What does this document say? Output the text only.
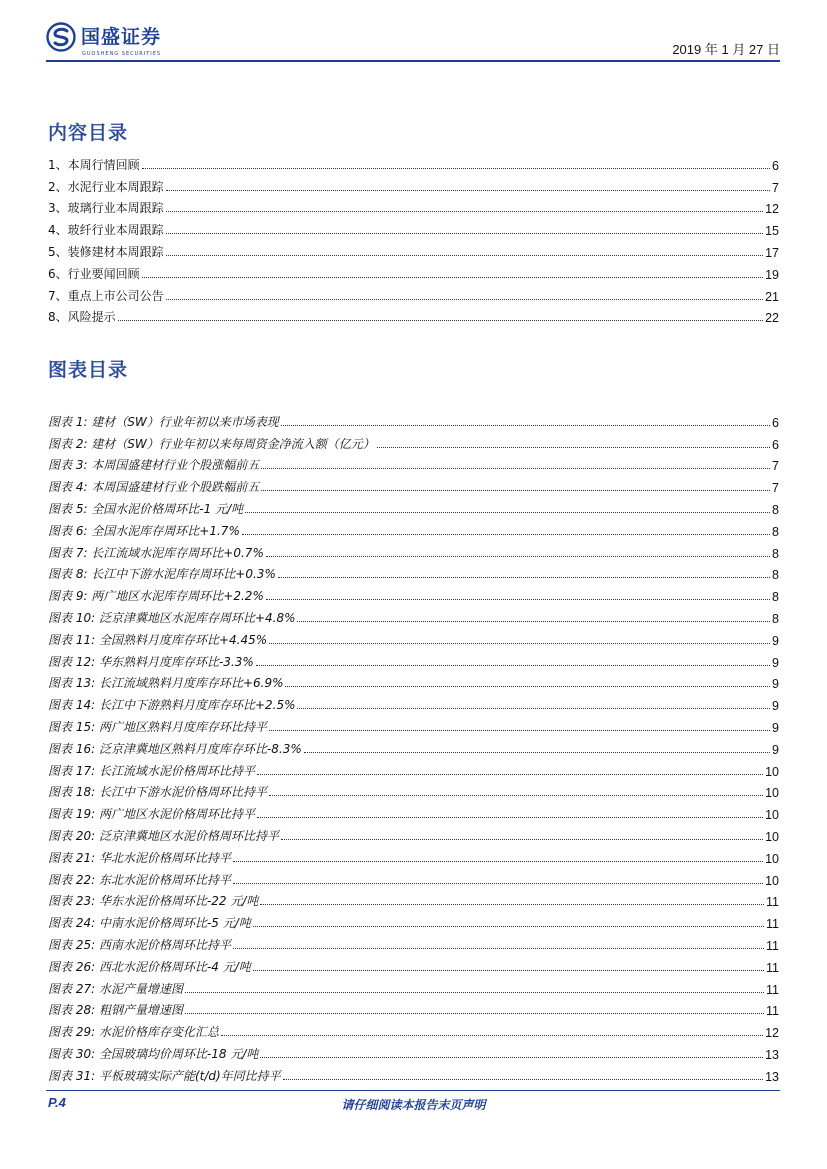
国盛证券
GUOSHENG SECURITIES	2019 年 1 月 27 日
内容目录
1、本周行情回顾	6
2、水泥行业本周跟踪	7
3、玻璃行业本周跟踪	12
4、玻纤行业本周跟踪	15
5、装修建材本周跟踪	17
6、行业要闻回顾	19
7、重点上市公司公告	21
8、风险提示	22
图表目录
图表 1: 建材（SW）行业年初以来市场表现	6
图表 2: 建材（SW）行业年初以来每周资金净流入额（亿元）	6
图表 3: 本周国盛建材行业个股涨幅前五	7
图表 4: 本周国盛建材行业个股跌幅前五	7
图表 5: 全国水泥价格周环比-1 元/吨	8
图表 6: 全国水泥库存周环比+1.7%	8
图表 7: 长江流域水泥库存周环比+0.7%	8
图表 8: 长江中下游水泥库存周环比+0.3%	8
图表 9: 两广地区水泥库存周环比+2.2%	8
图表 10: 泛京津冀地区水泥库存周环比+4.8%	8
图表 11: 全国熟料月度库存环比+4.45%	9
图表 12: 华东熟料月度库存环比-3.3%	9
图表 13: 长江流域熟料月度库存环比+6.9%	9
图表 14: 长江中下游熟料月度库存环比+2.5%	9
图表 15: 两广地区熟料月度库存环比持平	9
图表 16: 泛京津冀地区熟料月度库存环比-8.3%	9
图表 17: 长江流域水泥价格周环比持平	10
图表 18: 长江中下游水泥价格周环比持平	10
图表 19: 两广地区水泥价格周环比持平	10
图表 20: 泛京津冀地区水泥价格周环比持平	10
图表 21: 华北水泥价格周环比持平	10
图表 22: 东北水泥价格周环比持平	10
图表 23: 华东水泥价格周环比-22 元/吨	11
图表 24: 中南水泥价格周环比-5 元/吨	11
图表 25: 西南水泥价格周环比持平	11
图表 26: 西北水泥价格周环比-4 元/吨	11
图表 27: 水泥产量增速图	11
图表 28: 粗钢产量增速图	11
图表 29: 水泥价格库存变化汇总	12
图表 30: 全国玻璃均价周环比-18 元/吨	13
图表 31: 平板玻璃实际产能(t/d)年同比持平	13
P.4	请仔细阅读本报告末页声明
